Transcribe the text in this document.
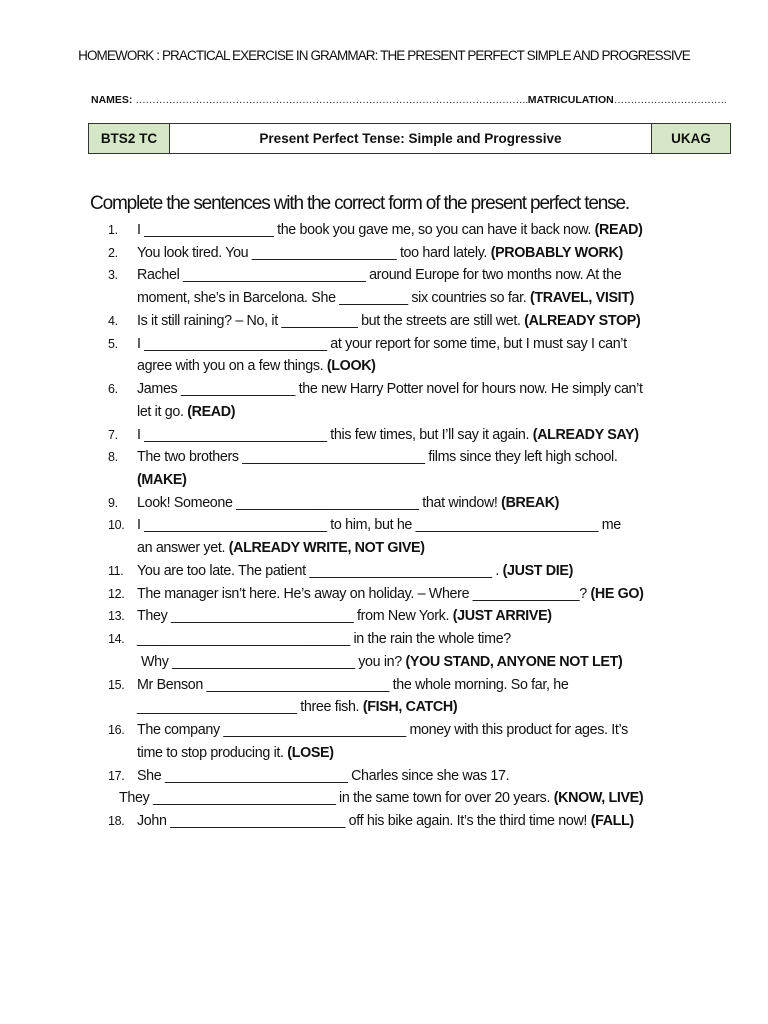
HOMEWORK : PRACTICAL EXERCISE IN GRAMMAR: THE PRESENT PERFECT SIMPLE AND PROGRESSIVE
NAMES: ……………………………………………………………………………………………………….MATRICULATION…………………………….
BTS2 TC	Present Perfect Tense: Simple and Progressive	UKAG
Complete the sentences with the correct form of the present perfect tense.
1.	I _________________ the book you gave me, so you can have it back now. (READ)
2.	You look tired. You ___________________ too hard lately. (PROBABLY WORK)
3.	Rachel ________________________ around Europe for two months now. At the
moment, she’s in Barcelona. She _________ six countries so far. (TRAVEL, VISIT)
4.	Is it still raining? – No, it __________ but the streets are still wet. (ALREADY STOP)
5.	I ________________________ at your report for some time, but I must say I can’t
agree with you on a few things. (LOOK)
6.	James _______________ the new Harry Potter novel for hours now. He simply can’t
let it go. (READ)
7.	I ________________________ this few times, but I’ll say it again. (ALREADY SAY)
8.	The two brothers ________________________ films since they left high school.
(MAKE)
9.	Look! Someone ________________________ that window! (BREAK)
10. I ________________________ to him, but he ________________________ me
an answer yet. (ALREADY WRITE, NOT GIVE)
11. You are too late. The patient ________________________ . (JUST DIE)
12. The manager isn’t here. He’s away on holiday. – Where ______________? (HE GO)
13. They ________________________ from New York. (JUST ARRIVE)
14. ____________________________ in the rain the whole time?
Why ________________________ you in? (YOU STAND, ANYONE NOT LET)
15. Mr Benson ________________________ the whole morning. So far, he
_____________________ three fish. (FISH, CATCH)
16. The company ________________________ money with this product for ages. It’s
time to stop producing it. (LOSE)
17. She ________________________ Charles since she was 17.
They ________________________ in the same town for over 20 years. (KNOW, LIVE)
18. John _______________________ off his bike again. It’s the third time now! (FALL)
